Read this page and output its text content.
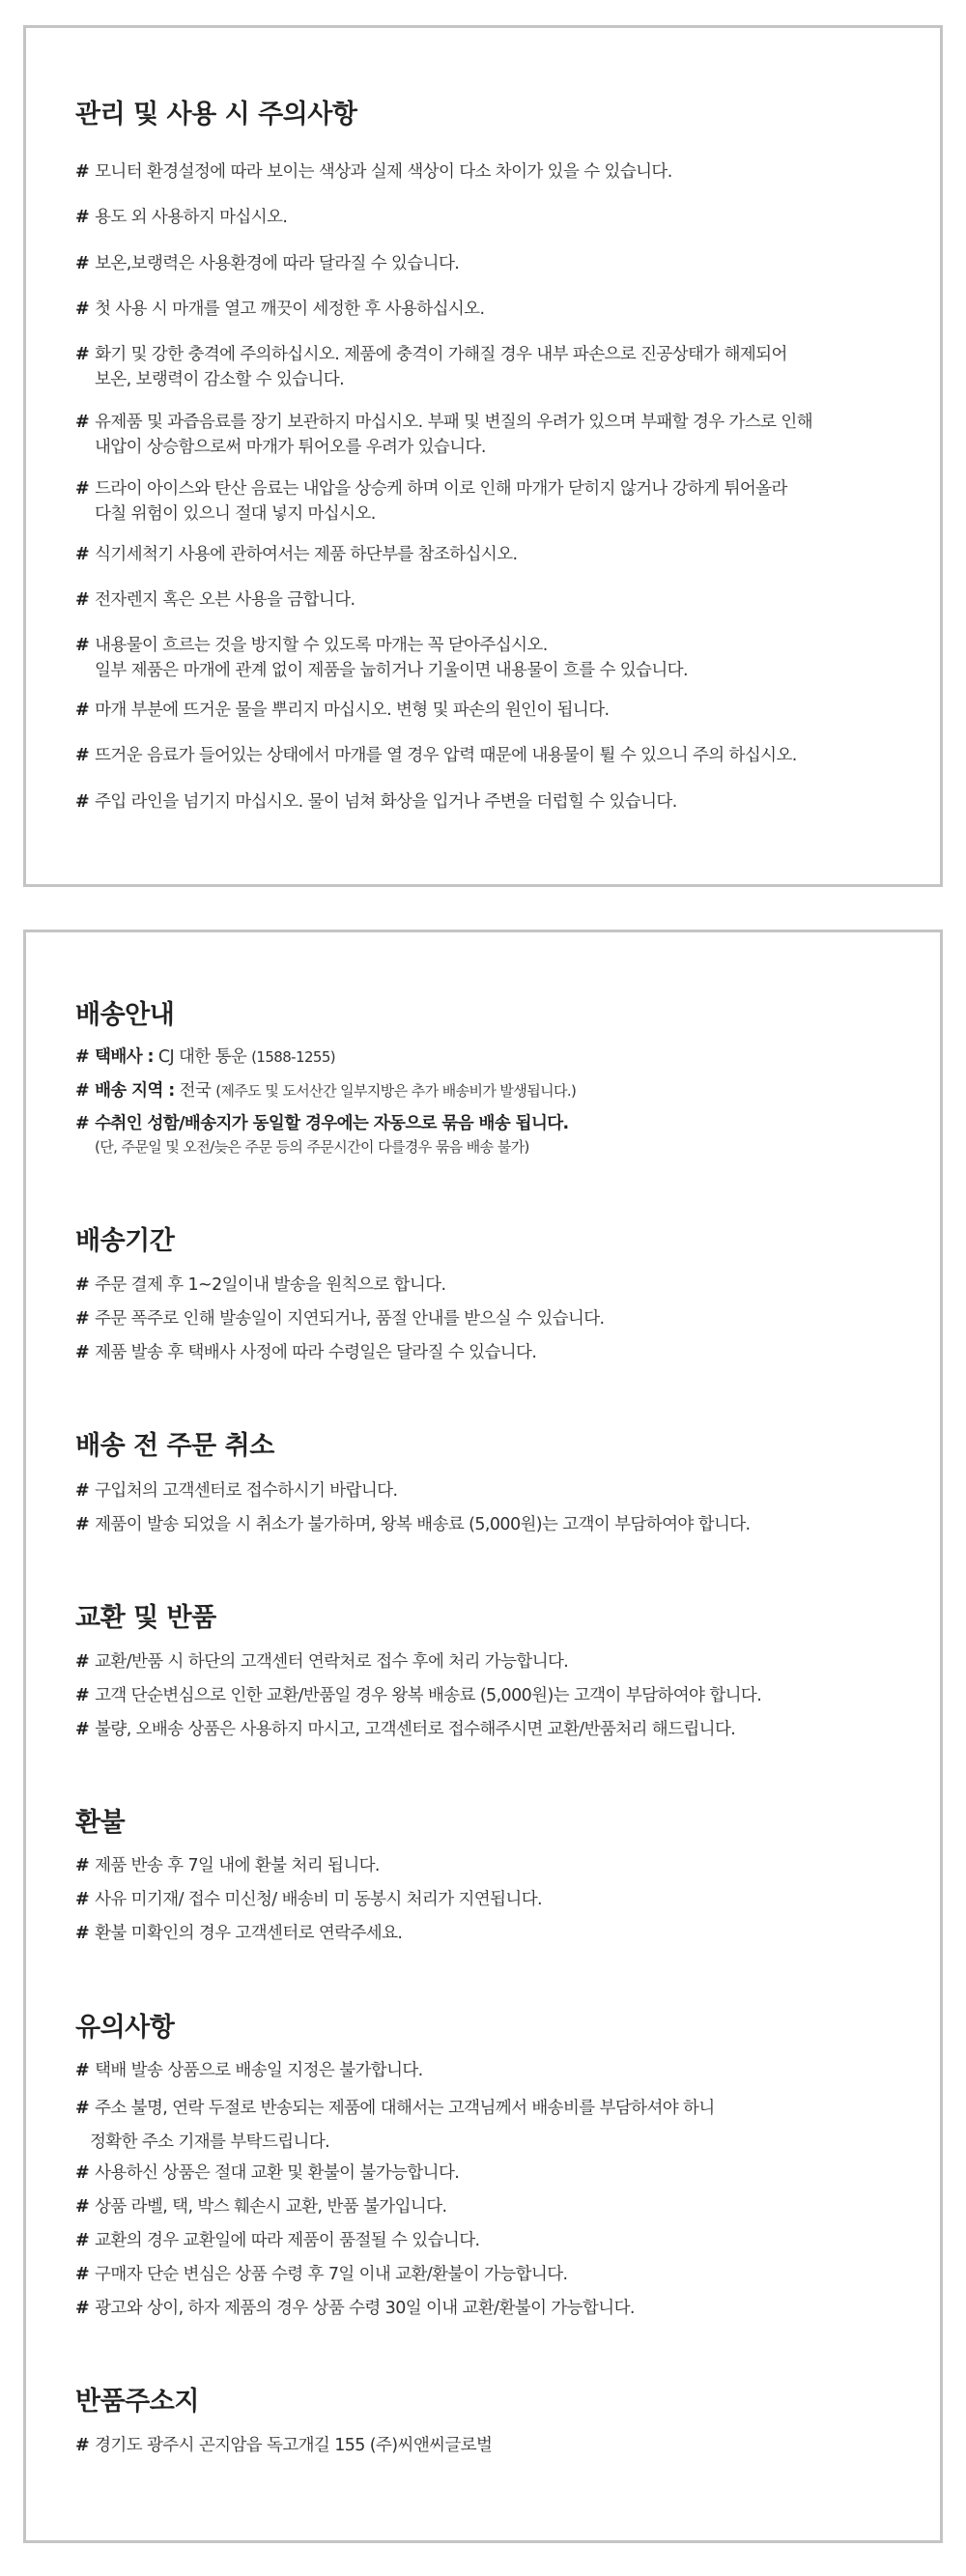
관리 및 사용 시 주의사항
# 모니터 환경설정에 따라 보이는 색상과 실제 색상이 다소 차이가 있을 수 있습니다.
# 용도 외 사용하지 마십시오.
# 보온,보랭력은 사용환경에 따라 달라질 수 있습니다.
# 첫 사용 시 마개를 열고 깨끗이 세정한 후 사용하십시오.
# 화기 및 강한 충격에 주의하십시오. 제품에 충격이 가해질 경우 내부 파손으로 진공상태가 해제되어
보온, 보랭력이 감소할 수 있습니다.
# 유제품 및 과즙음료를 장기 보관하지 마십시오. 부패 및 변질의 우려가 있으며 부패할 경우 가스로 인해
내압이 상승함으로써 마개가 튀어오를 우려가 있습니다.
# 드라이 아이스와 탄산 음료는 내압을 상승케 하며 이로 인해 마개가 닫히지 않거나 강하게 튀어올라
다칠 위험이 있으니 절대 넣지 마십시오.
# 식기세척기 사용에 관하여서는 제품 하단부를 참조하십시오.
# 전자렌지 혹은 오븐 사용을 금합니다.
# 내용물이 흐르는 것을 방지할 수 있도록 마개는 꼭 닫아주십시오.
일부 제품은 마개에 관계 없이 제품을 눕히거나 기울이면 내용물이 흐를 수 있습니다.
# 마개 부분에 뜨거운 물을 뿌리지 마십시오. 변형 및 파손의 원인이 됩니다.
# 뜨거운 음료가 들어있는 상태에서 마개를 열 경우 압력 때문에 내용물이 튈 수 있으니 주의 하십시오.
# 주입 라인을 넘기지 마십시오. 물이 넘쳐 화상을 입거나 주변을 더럽힐 수 있습니다.
배송안내
# 택배사 : CJ 대한 통운 (1588-1255)
# 배송 지역 : 전국 (제주도 및 도서산간 일부지방은 추가 배송비가 발생됩니다.)
# 수취인 성함/배송지가 동일할 경우에는 자동으로 묶음 배송 됩니다.
(단, 주문일 및 오전/늦은 주문 등의 주문시간이 다를경우 묶음 배송 불가)
배송기간
# 주문 결제 후 1~2일이내 발송을 원칙으로 합니다.
# 주문 폭주로 인해 발송일이 지연되거나, 품절 안내를 받으실 수 있습니다.
# 제품 발송 후 택배사 사정에 따라 수령일은 달라질 수 있습니다.
배송 전 주문 취소
# 구입처의 고객센터로 접수하시기 바랍니다.
# 제품이 발송 되었을 시 취소가 불가하며, 왕복 배송료 (5,000원)는 고객이 부담하여야 합니다.
교환 및 반품
# 교환/반품 시 하단의 고객센터 연락처로 접수 후에 처리 가능합니다.
# 고객 단순변심으로 인한 교환/반품일 경우 왕복 배송료 (5,000원)는 고객이 부담하여야 합니다.
# 불량, 오배송 상품은 사용하지 마시고, 고객센터로 접수해주시면 교환/반품처리 해드립니다.
환불
# 제품 반송 후 7일 내에 환불 처리 됩니다.
# 사유 미기재/ 접수 미신청/ 배송비 미 동봉시 처리가 지연됩니다.
# 환불 미확인의 경우 고객센터로 연락주세요.
유의사항
# 택배 발송 상품으로 배송일 지정은 불가합니다.
# 주소 불명, 연락 두절로 반송되는 제품에 대해서는 고객님께서 배송비를 부담하셔야 하니
정확한 주소 기재를 부탁드립니다.
# 사용하신 상품은 절대 교환 및 환불이 불가능합니다.
# 상품 라벨, 택, 박스 훼손시 교환, 반품 불가입니다.
# 교환의 경우 교환일에 따라 제품이 품절될 수 있습니다.
# 구매자 단순 변심은 상품 수령 후 7일 이내 교환/환불이 가능합니다.
# 광고와 상이, 하자 제품의 경우 상품 수령 30일 이내 교환/환불이 가능합니다.
반품주소지
# 경기도 광주시 곤지암읍 독고개길 155 (주)씨앤씨글로벌
